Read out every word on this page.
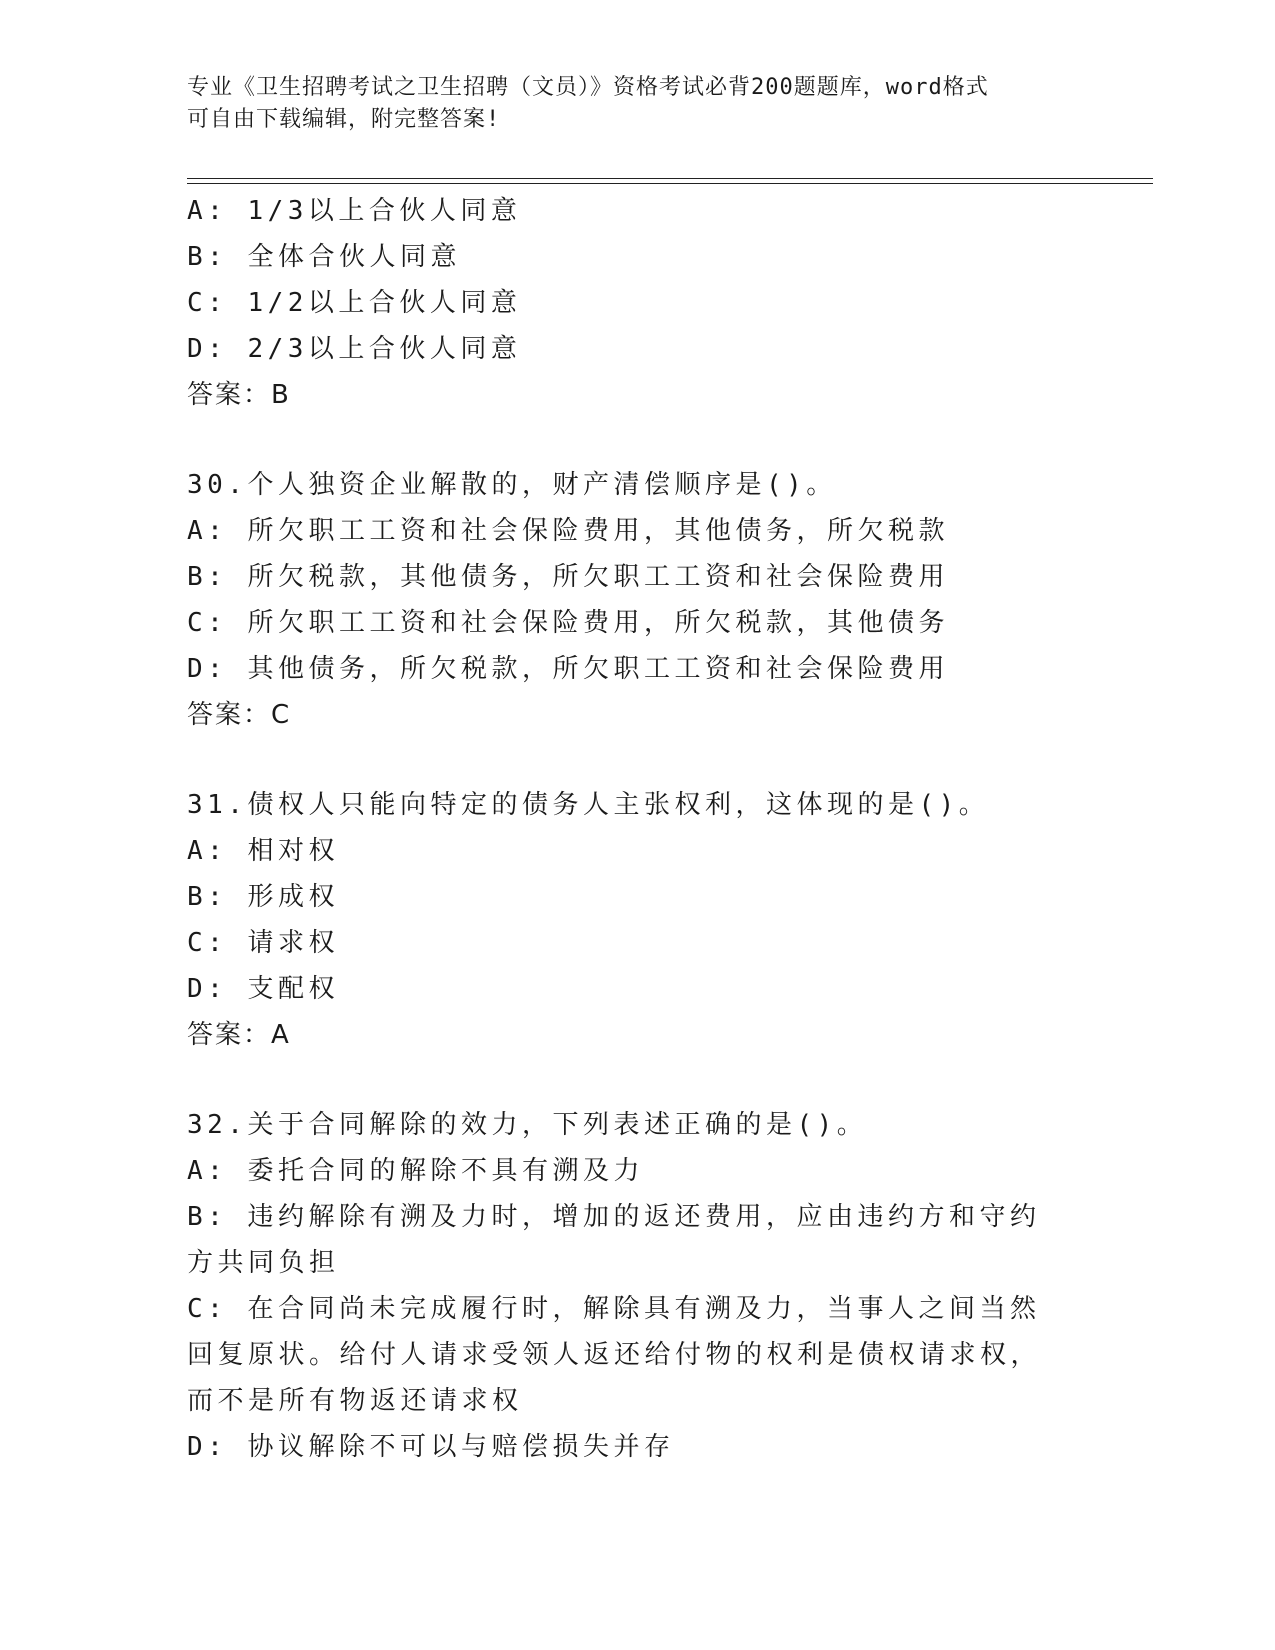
专业《卫生招聘考试之卫生招聘（文员）》资格考试必背200题题库，word格式
可自由下载编辑，附完整答案!
A: 1/3以上合伙人同意
B: 全体合伙人同意
C: 1/2以上合伙人同意
D: 2/3以上合伙人同意
答案：B
30.个人独资企业解散的，财产清偿顺序是()。
A: 所欠职工工资和社会保险费用，其他债务，所欠税款
B: 所欠税款，其他债务，所欠职工工资和社会保险费用
C: 所欠职工工资和社会保险费用，所欠税款，其他债务
D: 其他债务，所欠税款，所欠职工工资和社会保险费用
答案：C
31.债权人只能向特定的债务人主张权利，这体现的是()。
A: 相对权
B: 形成权
C: 请求权
D: 支配权
答案：A
32.关于合同解除的效力，下列表述正确的是()。
A: 委托合同的解除不具有溯及力
B: 违约解除有溯及力时，增加的返还费用，应由违约方和守约方共同负担
C: 在合同尚未完成履行时，解除具有溯及力，当事人之间当然回复原状。给付人请求受领人返还给付物的权利是债权请求权，而不是所有物返还请求权
D: 协议解除不可以与赔偿损失并存
